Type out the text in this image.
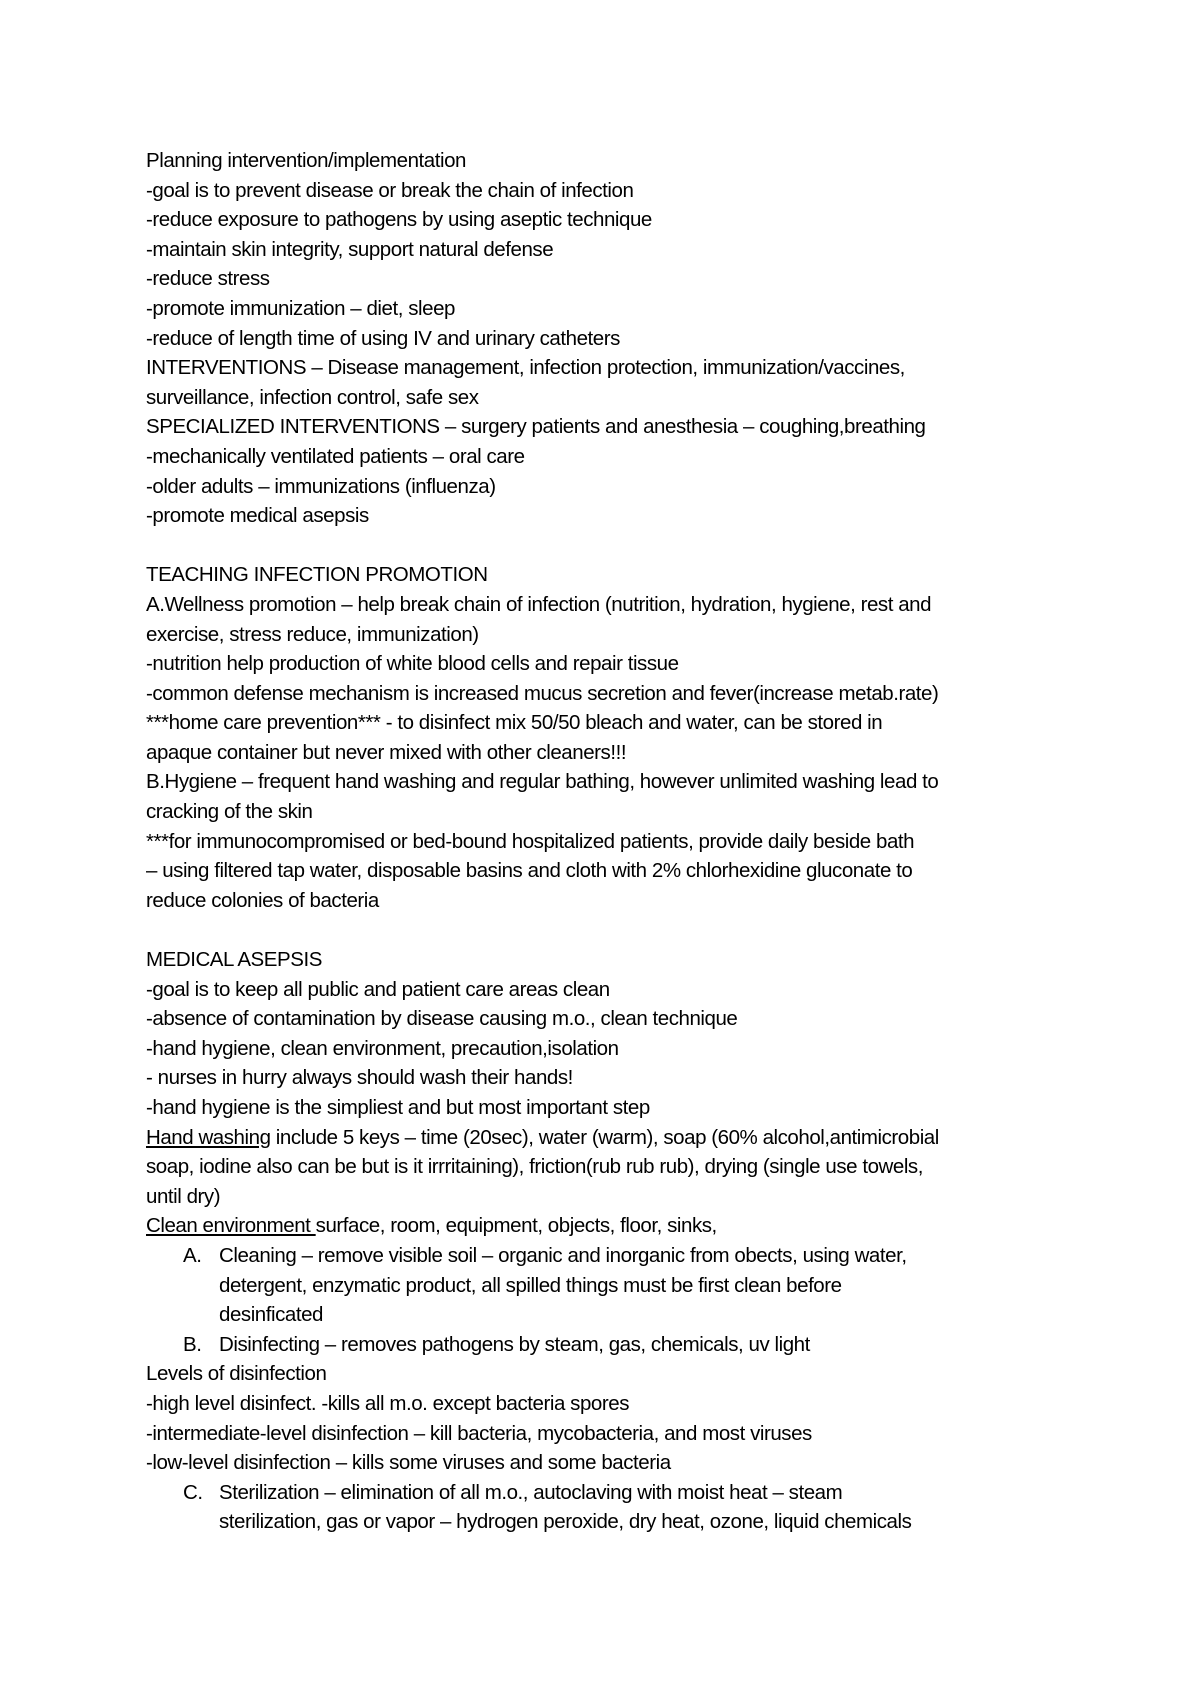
Planning intervention/implementation

-goal is to prevent disease or break the chain of infection

-reduce exposure to pathogens by using aseptic technique

-maintain skin integrity, support natural defense

-reduce stress

-promote immunization – diet, sleep

-reduce of length time of using IV and urinary catheters

INTERVENTIONS – Disease management, infection protection, immunization/vaccines,

surveillance, infection control, safe sex

SPECIALIZED INTERVENTIONS – surgery patients and anesthesia – coughing,breathing

-mechanically ventilated patients – oral care

-older adults – immunizations (influenza)

-promote medical asepsis

TEACHING INFECTION PROMOTION

A.Wellness promotion – help break chain of infection (nutrition, hydration, hygiene, rest and

exercise, stress reduce, immunization)

-nutrition help production of white blood cells and repair tissue

-common defense mechanism is increased mucus secretion and fever(increase metab.rate)

***home care prevention*** - to disinfect mix 50/50 bleach and water, can be stored in

apaque container but never mixed with other cleaners!!!

B.Hygiene – frequent hand washing and regular bathing, however unlimited washing lead to

cracking of the skin

***for immunocompromised or bed-bound hospitalized patients, provide daily beside bath

– using filtered tap water, disposable basins and cloth with 2% chlorhexidine gluconate to

reduce colonies of bacteria

MEDICAL ASEPSIS

-goal is to keep all public and patient care areas clean

-absence of contamination by disease causing m.o., clean technique

-hand hygiene, clean environment, precaution,isolation

- nurses in hurry always should wash their hands!

-hand hygiene is the simpliest and but most important step

Hand washing include 5 keys – time (20sec), water (warm), soap (60% alcohol,antimicrobial

soap, iodine also can be but is it irrritaining), friction(rub rub rub), drying (single use towels,

until dry)

Clean environment surface, room, equipment, objects, floor, sinks,

A. Cleaning – remove visible soil – organic and inorganic from obects, using water,
detergent, enzymatic product, all spilled things must be first clean before
desinficated
B. Disinfecting – removes pathogens by steam, gas, chemicals, uv light

Levels of disinfection

-high level disinfect. -kills all m.o. except bacteria spores

-intermediate-level disinfection – kill bacteria, mycobacteria, and most viruses

-low-level disinfection – kills some viruses and some bacteria

C. Sterilization – elimination of all m.o., autoclaving with moist heat – steam
sterilization, gas or vapor – hydrogen peroxide, dry heat, ozone, liquid chemicals
